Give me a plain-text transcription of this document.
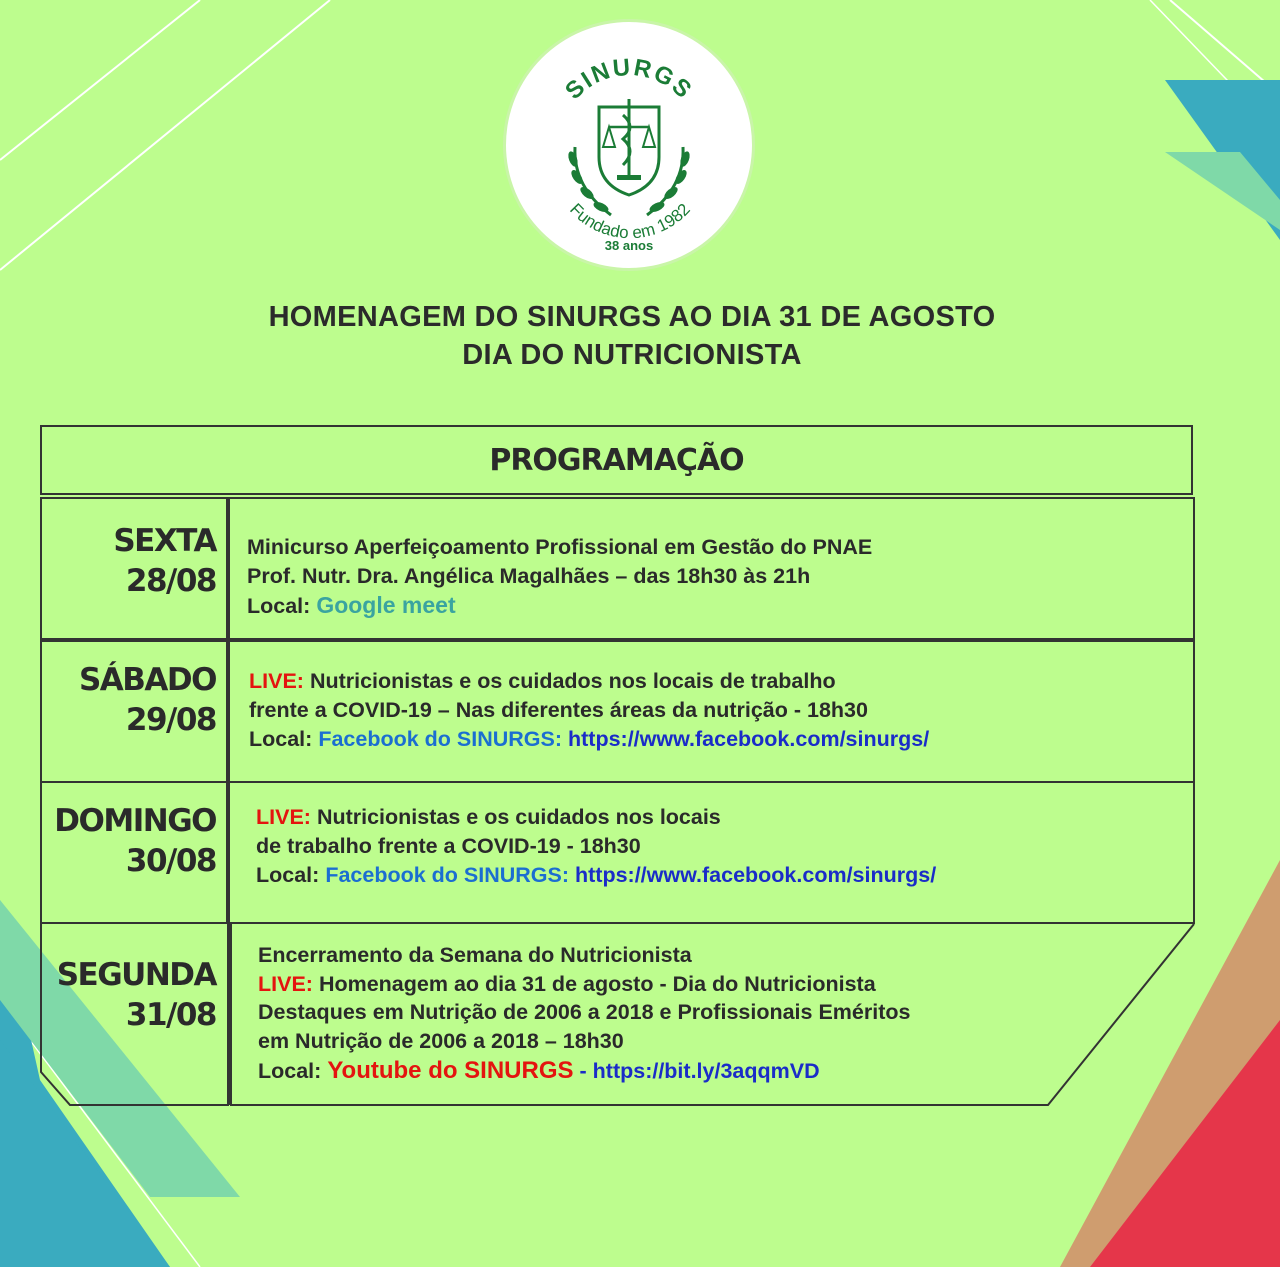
SINURGS
Fundado em 1982
38 anos
HOMENAGEM DO SINURGS AO DIA 31 DE AGOSTO
DIA DO NUTRICIONISTA
PROGRAMAÇÃO
SEXTA
28/08
Minicurso Aperfeiçoamento Profissional em Gestão do PNAE
Prof. Nutr. Dra. Angélica Magalhães – das 18h30 às 21h
Local: Google meet
SÁBADO
29/08
LIVE: Nutricionistas e os cuidados nos locais de trabalho
frente a COVID-19 – Nas diferentes áreas da nutrição - 18h30
Local: Facebook do SINURGS: https://www.facebook.com/sinurgs/
DOMINGO
30/08
LIVE: Nutricionistas e os cuidados nos locais
de trabalho frente a COVID-19 - 18h30
Local: Facebook do SINURGS: https://www.facebook.com/sinurgs/
SEGUNDA
31/08
Encerramento da Semana do Nutricionista
LIVE: Homenagem ao dia 31 de agosto - Dia do Nutricionista
Destaques em Nutrição de 2006 a 2018 e Profissionais Eméritos
em Nutrição de 2006 a 2018 – 18h30
Local: Youtube do SINURGS - https://bit.ly/3aqqmVD
